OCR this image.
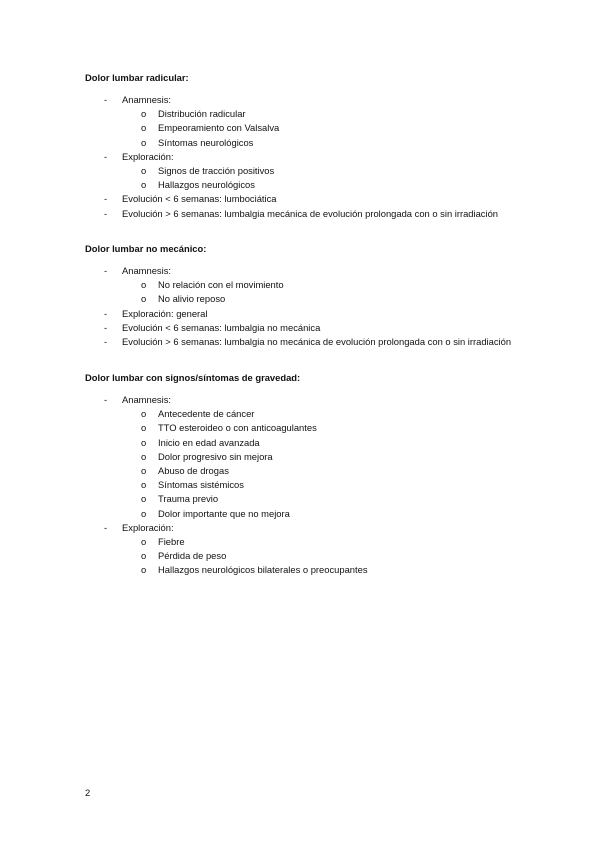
Dolor lumbar radicular:

- Anamnesis:
o Distribución radicular
o Empeoramiento con Valsalva
o Síntomas neurológicos
- Exploración:
o Signos de tracción positivos
o Hallazgos neurológicos
- Evolución < 6 semanas: lumbociática
- Evolución > 6 semanas: lumbalgia mecánica de evolución prolongada con o sin irradiación

Dolor lumbar no mecánico:

- Anamnesis:
o No relación con el movimiento
o No alivio reposo
- Exploración: general
- Evolución < 6 semanas: lumbalgia no mecánica
- Evolución > 6 semanas: lumbalgia no mecánica de evolución prolongada con o sin irradiación

Dolor lumbar con signos/síntomas de gravedad:

- Anamnesis:
o Antecedente de cáncer
o TTO esteroideo o con anticoagulantes
o Inicio en edad avanzada
o Dolor progresivo sin mejora
o Abuso de drogas
o Síntomas sistémicos
o Trauma previo
o Dolor importante que no mejora
- Exploración:
o Fiebre
o Pérdida de peso
o Hallazgos neurológicos bilaterales o preocupantes
2
